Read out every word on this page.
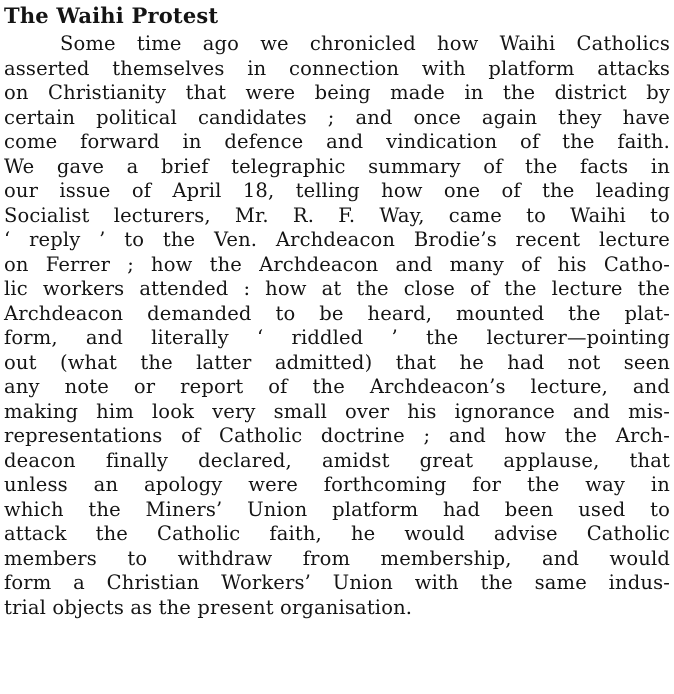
The Waihi Protest
Some time ago we chronicled how Waihi Catholics
asserted themselves in connection with platform attacks
on Christianity that were being made in the district by
certain political candidates ; and once again they have
come forward in defence and vindication of the faith.
We gave a brief telegraphic summary of the facts in
our issue of April 18, telling how one of the leading
Socialist lecturers, Mr. R. F. Way, came to Waihi to
‘ reply ’ to the Ven. Archdeacon Brodie’s recent lecture
on Ferrer ; how the Archdeacon and many of his Catho-
lic workers attended : how at the close of the lecture the
Archdeacon demanded to be heard, mounted the plat-
form, and literally ‘ riddled ’ the lecturer—pointing
out (what the latter admitted) that he had not seen
any note or report of the Archdeacon’s lecture, and
making him look very small over his ignorance and mis-
representations of Catholic doctrine ; and how the Arch-
deacon finally declared, amidst great applause, that
unless an apology were forthcoming for the way in
which the Miners’ Union platform had been used to
attack the Catholic faith, he would advise Catholic
members to withdraw from membership, and would
form a Christian Workers’ Union with the same indus-
trial objects as the present organisation.
